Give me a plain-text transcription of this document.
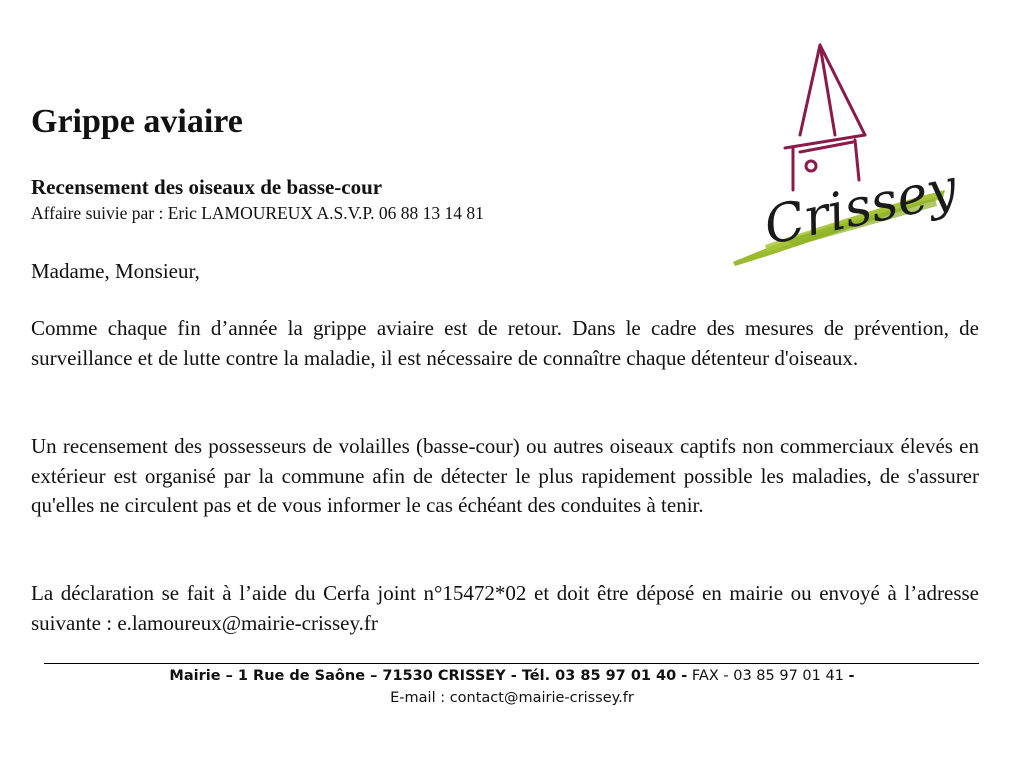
Grippe aviaire
Recensement des oiseaux de basse-cour
Affaire suivie par : Eric LAMOUREUX A.S.V.P. 06 88 13 14 81
Madame, Monsieur,
Comme chaque fin d’année la grippe aviaire est de retour. Dans le cadre des mesures de prévention, de surveillance et de lutte contre la maladie, il est nécessaire de connaître chaque détenteur d'oiseaux.
Un recensement des possesseurs de volailles (basse-cour) ou autres oiseaux captifs non commerciaux élevés en extérieur est organisé par la commune afin de détecter le plus rapidement possible les maladies, de s'assurer qu'elles ne circulent pas et de vous informer le cas échéant des conduites à tenir.
La déclaration se fait à l’aide du Cerfa joint n°15472*02 et doit être déposé en mairie ou envoyé à l’adresse suivante : e.lamoureux@mairie-crissey.fr
Crissey
Mairie – 1 Rue de Saône – 71530 CRISSEY - Tél. 03 85 97 01 40 - FAX - 03 85 97 01 41 -
E-mail : contact@mairie-crissey.fr
